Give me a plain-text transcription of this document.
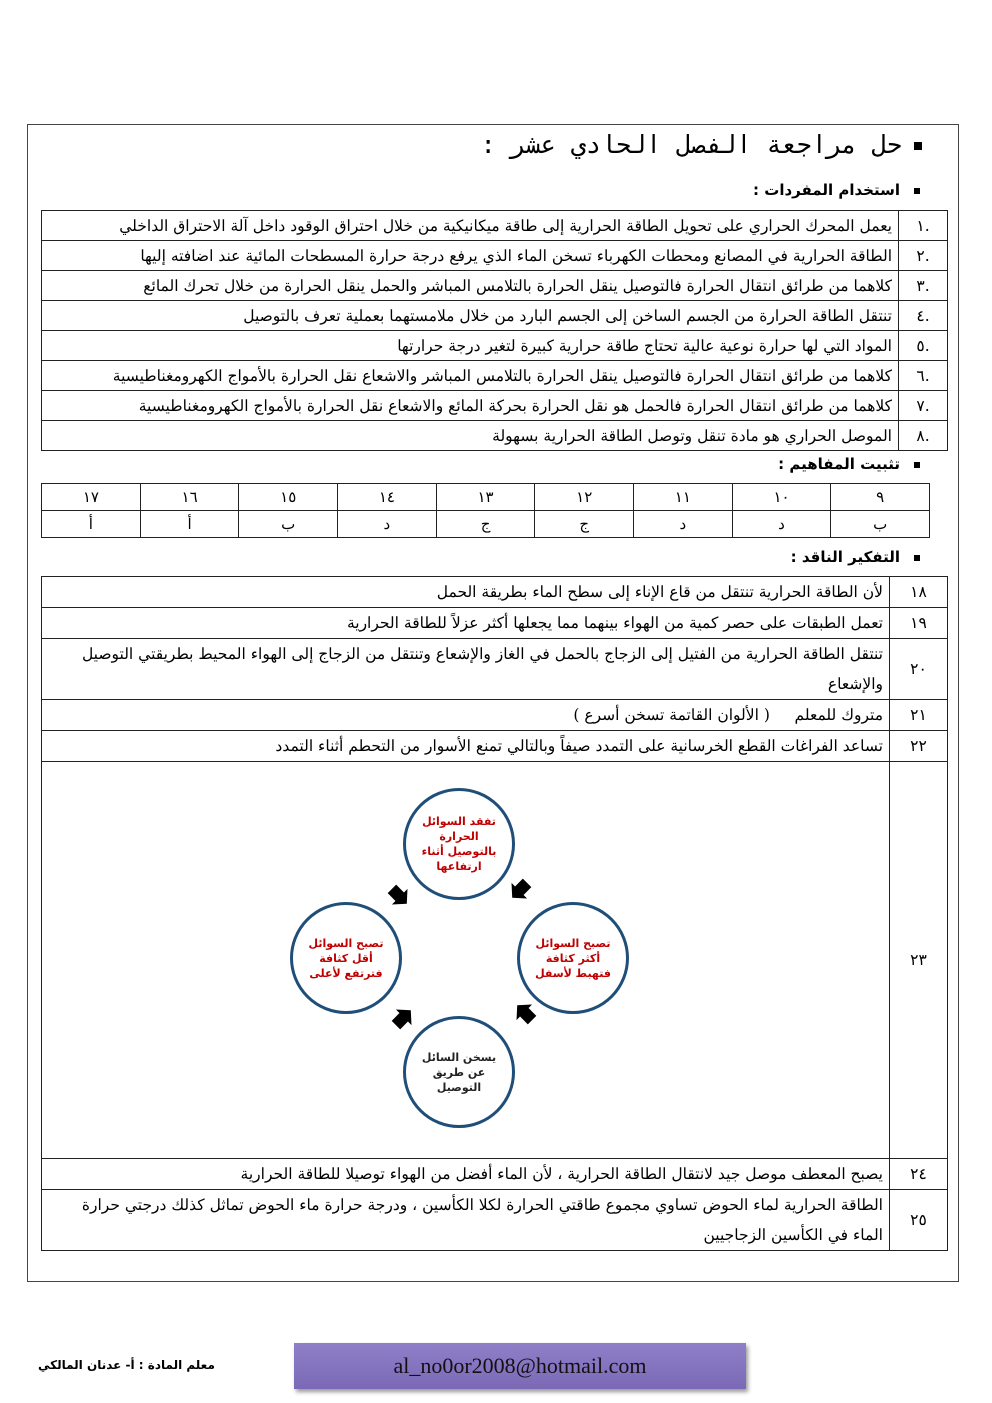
حل مراجعة الفصل الحادي عشر :
استخدام المفردات :
.١	يعمل المحرك الحراري على تحويل الطاقة الحرارية إلى طاقة ميكانيكية من خلال احتراق الوقود داخل آلة الاحتراق الداخلي
.٢	الطاقة الحرارية في المصانع ومحطات الكهرباء تسخن الماء الذي يرفع درجة حرارة المسطحات المائية عند اضافته إليها
.٣	كلاهما من طرائق انتقال الحرارة فالتوصيل ينقل الحرارة بالتلامس المباشر والحمل ينقل الحرارة من خلال تحرك المائع
.٤	تنتقل الطاقة الحرارة من الجسم الساخن إلى الجسم البارد من خلال ملامستهما بعملية تعرف بالتوصيل
.٥	المواد التي لها حرارة نوعية عالية تحتاج طاقة حرارية كبيرة لتغير درجة حرارتها
.٦	كلاهما من طرائق انتقال الحرارة فالتوصيل ينقل الحرارة بالتلامس المباشر والاشعاع نقل الحرارة بالأمواج الكهرومغناطيسية
.٧	كلاهما من طرائق انتقال الحرارة فالحمل هو نقل الحرارة بحركة المائع والاشعاع نقل الحرارة بالأمواج الكهرومغناطيسية
.٨	الموصل الحراري هو مادة تنقل وتوصل الطاقة الحرارية بسهولة
تثبيت المفاهيم :
٩	١٠	١١	١٢	١٣	١٤	١٥	١٦	١٧
ب	د	د	ج	ج	د	ب	أ	أ
التفكير الناقد :
١٨	لأن الطاقة الحرارية تنتقل من قاع الإناء إلى سطح الماء بطريقة الحمل
١٩	تعمل الطبقات على حصر كمية من الهواء بينهما مما يجعلها أكثر عزلاً للطاقة الحرارية
٢٠	تنتقل الطاقة الحرارية من الفتيل إلى الزجاج بالحمل في الغاز والإشعاع وتنتقل من الزجاج إلى الهواء المحيط بطريقتي التوصيل والإشعاع
٢١	متروك للمعلم     ( الألوان القاتمة تسخن أسرع )
٢٢	تساعد الفراغات القطع الخرسانية على التمدد صيفاً وبالتالي تمنع الأسوار من التحطم أثناء التمدد
٢٣	تفقد السوائل الحرارة بالتوصيل أثناء ارتفاعها
تصبح السوائل أكثر كثافة فتهبط لأسفل
يسخن السائل عن طريق التوصيل
تصبح السوائل أقل كثافة فترتفع لأعلى

٢٤	يصبح المعطف موصل جيد لانتقال الطاقة الحرارية ، لأن الماء أفضل من الهواء توصيلا للطاقة الحرارية
٢٥	الطاقة الحرارية لماء الحوض تساوي مجموع طاقتي الحرارة لكلا الكأسين ، ودرجة حرارة ماء الحوض تماثل كذلك درجتي حرارة الماء في الكأسين الزجاجيين
al_no0or2008@hotmail.com
معلم المادة : أ- عدنان المالكي
